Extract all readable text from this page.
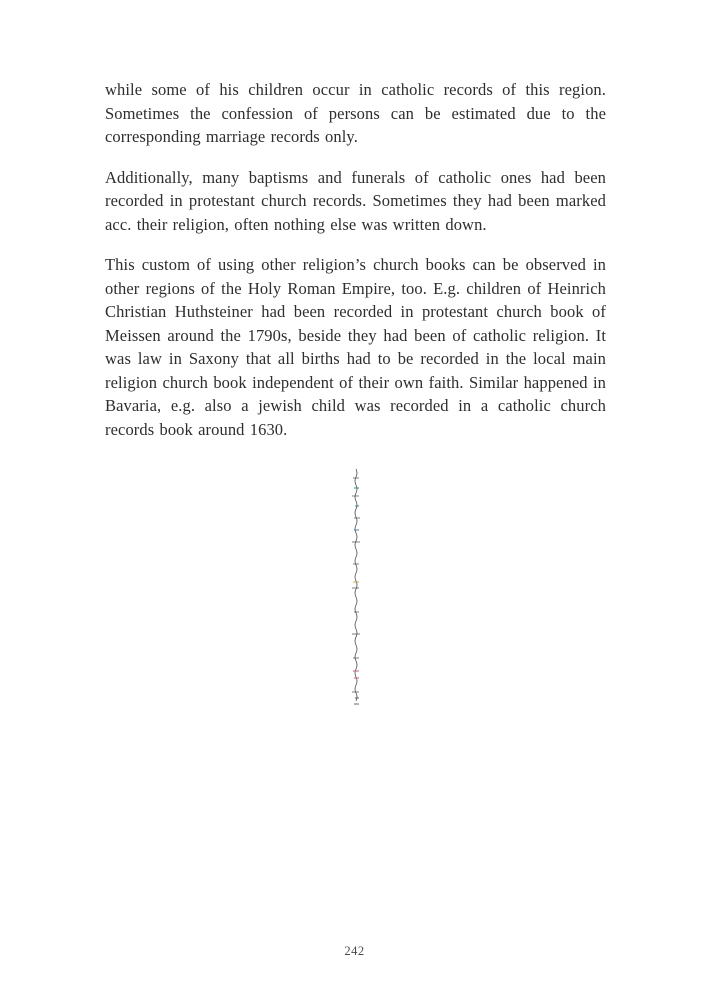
while some of his children occur in catholic records of this region. Sometimes the confession of persons can be estimated due to the corresponding marriage records only.

Additionally, many baptisms and funerals of catholic ones had been recorded in protestant church records. Sometimes they had been marked acc. their religion, often nothing else was written down.

This custom of using other religion’s church books can be observed in other regions of the Holy Roman Empire, too. E.g. children of Heinrich Christian Huthsteiner had been recorded in protestant church book of Meissen around the 1790s, beside they had been of catholic religion. It was law in Saxony that all births had to be recorded in the local main religion church book independent of their own faith. Similar happened in Bavaria, e.g. also a jewish child was recorded in a catholic church records book around 1630.

242
